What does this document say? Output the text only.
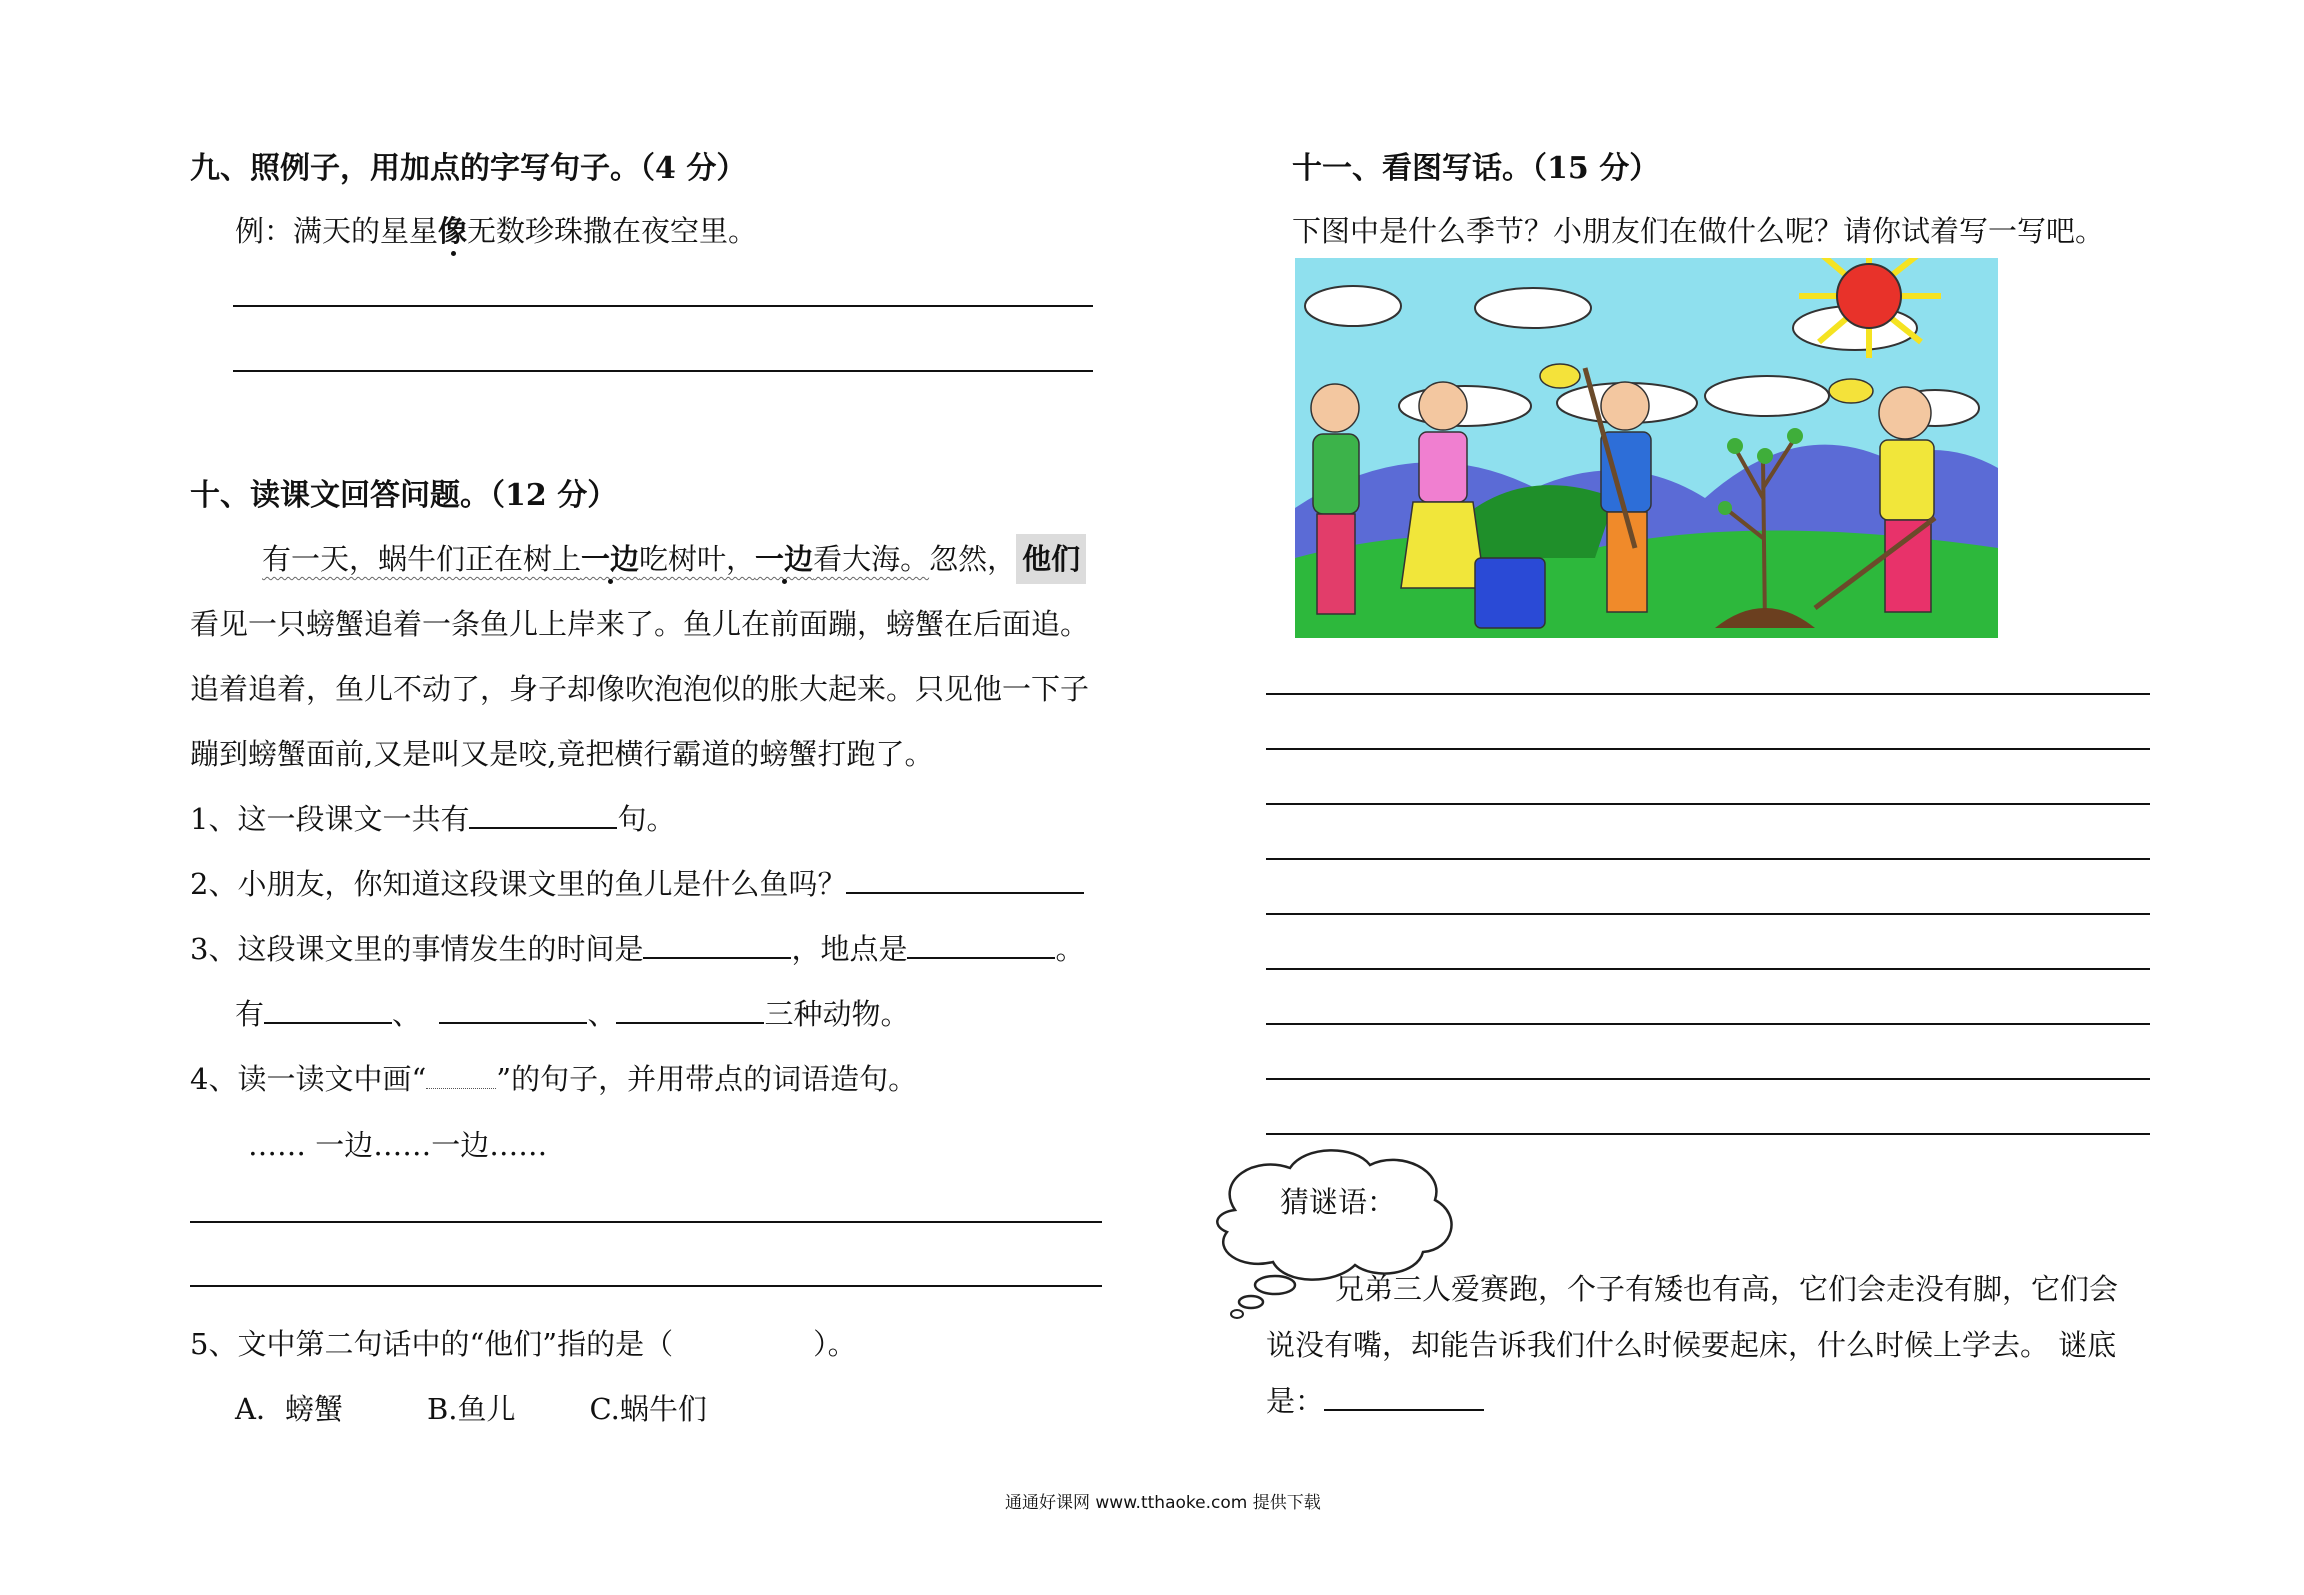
九、照例子，用加点的字写句子。（4 分）
例：满天的星星像无数珍珠撒在夜空里。
十、读课文回答问题。（12 分）
有一天，蜗牛们正在树上一边吃树叶，一边看大海。忽然， 他们
看见一只螃蟹追着一条鱼儿上岸来了。鱼儿在前面蹦，螃蟹在后面追。
追着追着，鱼儿不动了，身子却像吹泡泡似的胀大起来。只见他一下子
蹦到螃蟹面前,又是叫又是咬,竟把横行霸道的螃蟹打跑了。
1、这一段课文一共有	句。
2、小朋友，你知道这段课文里的鱼儿是什么鱼吗？
3、这段课文里的事情发生的时间是	，地点是	。
有	、	、	三种动物。
4、读一读文中画“ ”的句子，并用带点的词语造句。
…… 一边……一边……
5、文中第二句话中的“他们”指的是（	）。
A．螃蟹	B.鱼儿	C.蜗牛们
十一、看图写话。（15 分）
下图中是什么季节？小朋友们在做什么呢？请你试着写一写吧。
猜谜语：
兄弟三人爱赛跑，个子有矮也有高，它们会走没有脚，它们会
说没有嘴，却能告诉我们什么时候要起床，什么时候上学去。 谜底
是：
通通好课网 www.tthaoke.com 提供下载
